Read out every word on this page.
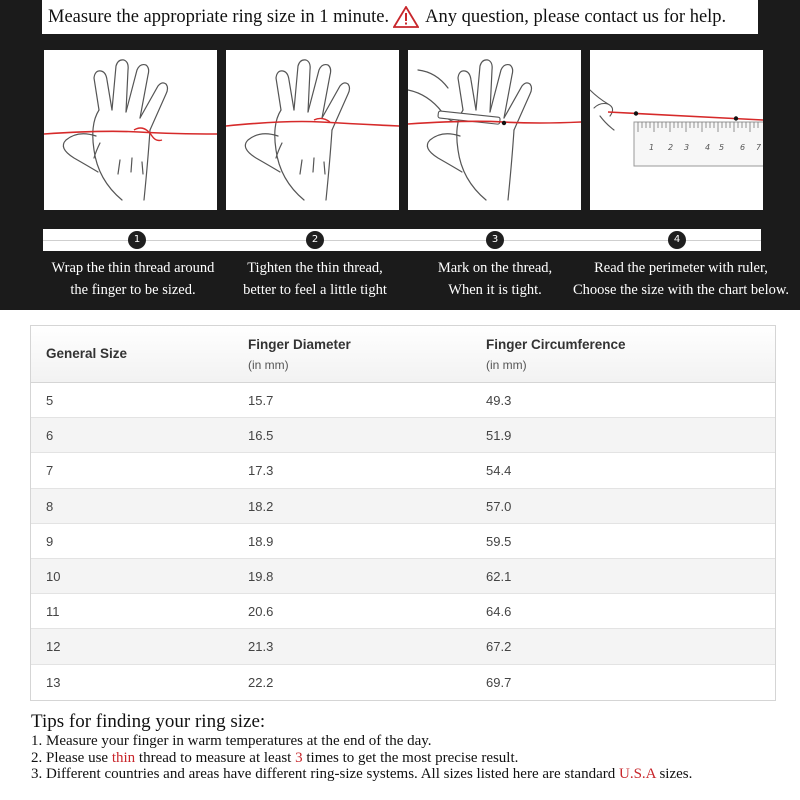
Measure the appropriate ring size in 1 minute. Any question, please contact us for help.
1 2 3 4 5 6 7
1	2	3	4
Wrap the thin thread around
the finger to be sized.
Tighten the thin thread,
better to feel a little tight
Mark on the thread,
When it is tight.
Read the perimeter with ruler,
Choose the size with the chart below.
General Size
Finger Diameter
(in mm)
Finger Circumference
(in mm)
5	15.7	49.3
6	16.5	51.9
7	17.3	54.4
8	18.2	57.0
9	18.9	59.5
10	19.8	62.1
11	20.6	64.6
12	21.3	67.2
13	22.2	69.7
Tips for finding your ring size:
1. Measure your finger in warm temperatures at the end of the day.
2. Please use thin thread to measure at least 3 times to get the most precise result.
3. Different countries and areas have different ring-size systems. All sizes listed here are standard U.S.A sizes.
